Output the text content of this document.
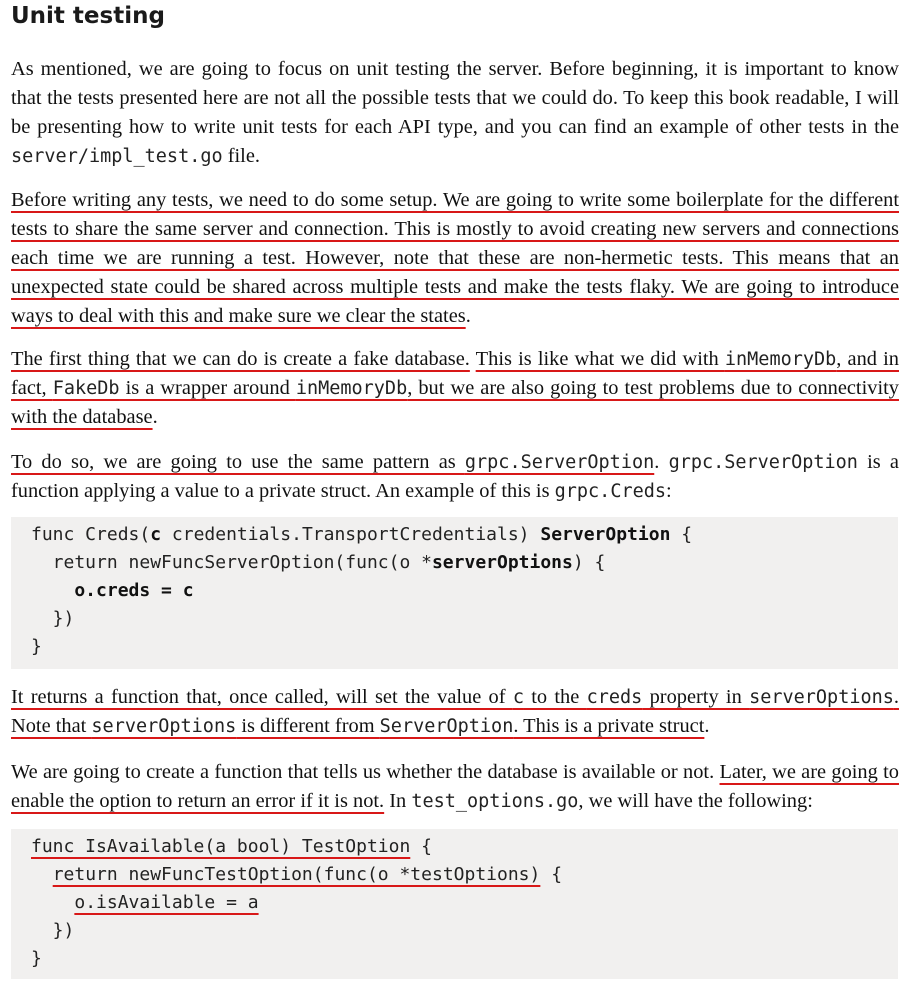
Unit testing

As mentioned, we are going to focus on unit testing the server. Before beginning, it is important to know that the tests presented here are not all the possible tests that we could do. To keep this book readable, I will be presenting how to write unit tests for each API type, and you can find an example of other tests in the server/impl_test.go file.

Before writing any tests, we need to do some setup. We are going to write some boilerplate for the different tests to share the same server and connection. This is mostly to avoid creating new servers and connections each time we are running a test. However, note that these are non-hermetic tests. This means that an unexpected state could be shared across multiple tests and make the tests flaky. We are going to introduce ways to deal with this and make sure we clear the states.

The first thing that we can do is create a fake database. This is like what we did with inMemoryDb, and in fact, FakeDb is a wrapper around inMemoryDb, but we are also going to test problems due to connectivity with the database.

To do so, we are going to use the same pattern as grpc.ServerOption. grpc.ServerOption is a function applying a value to a private struct. An example of this is grpc.Creds:

func Creds(c credentials.TransportCredentials) ServerOption {
return newFuncServerOption(func(o *serverOptions) {
o.creds = c
})
}

It returns a function that, once called, will set the value of c to the creds property in serverOptions. Note that serverOptions is different from ServerOption. This is a private struct.

We are going to create a function that tells us whether the database is available or not. Later, we are going to enable the option to return an error if it is not. In test_options.go, we will have the following:

func IsAvailable(a bool) TestOption {
return newFuncTestOption(func(o *testOptions) {
o.isAvailable = a
})
}
